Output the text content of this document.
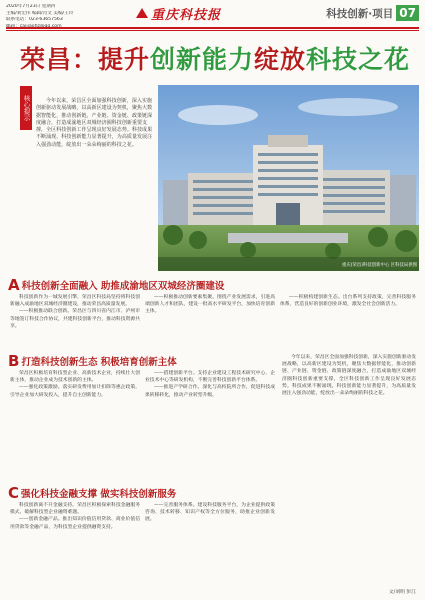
2020年7月23日 星期四
主编/刘宏伟 编辑/肖文 美编/王玲
联系电话：023-63657563	重庆科技报	科技创新·项目 07
荣昌：提升创新能力绽放科技之花
核心提示	今年以来，荣昌区全面加强科技创新，深入实施创新驱动发展战略，以高新区建设为契机，聚焦大数据智能化，推动创新链、产业链、资金链、政策链深度融合，打造成渝地区双城经济圈科技创新重要支撑，全区科技创新工作呈现良好发展态势。科技成果不断涌现，科技创新能力显著提升，为高质量发展注入强劲动能，绽放出一朵朵绚丽的科技之花。

重庆(荣昌)科技创新中心 区科技局供图
A 科技创新全面融入 助推成渝地区双城经济圈建设

科技创新作为一城发展引擎，荣昌区科技局坚持将科技创新融入成渝地区双城经济圈建设，推动荣昌高质量发展。

——积极推动联合创新。荣昌区与四川省内江市、泸州市等地签订科技合作协议，共建科技创新平台，推动科技资源共享。

——积极推动创新要素集聚。围绕产业发展需求，引进高端创新人才和团队，建设一批高水平研发平台，加快培育创新主体。

——积极构建创新生态。出台系列支持政策，完善科技服务体系，营造良好的创新创业环境，激发全社会创新活力。

B 打造科技创新生态 积极培育创新主体

荣昌区积极培育科技型企业、高新技术企业，持续壮大创新主体，推动企业成为技术创新的主体。

——强化政策激励。落实研发费用加计扣除等惠企政策，引导企业加大研发投入，提升自主创新能力。

——搭建创新平台。支持企业建设工程技术研究中心、企业技术中心等研发机构，不断完善科技创新平台体系。

——推进产学研合作。深化与高校院所合作，促进科技成果转移转化，推动产业转型升级。

C 强化科技金融支撑 做实科技创新服务

科技创新离不开金融支持。荣昌区积极探索科技金融服务模式，破解科技型企业融资难题。

——创新金融产品。推出知识价值信用贷款、商业价值信用贷款等金融产品，为科技型企业提供融资支持。

——完善服务体系。建设科技服务平台，为企业提供政策咨询、技术转移、知识产权等全方位服务，助推企业创新发展。

今年以来，荣昌区全面加强科技创新，深入实施创新驱动发展战略，以高新区建设为契机，聚焦大数据智能化，推动创新链、产业链、资金链、政策链深度融合，打造成渝地区双城经济圈科技创新重要支撑，全区科技创新工作呈现良好发展态势。科技成果不断涌现，科技创新能力显著提升，为高质量发展注入强劲动能，绽放出一朵朵绚丽的科技之花。

文/刘明 彭江
